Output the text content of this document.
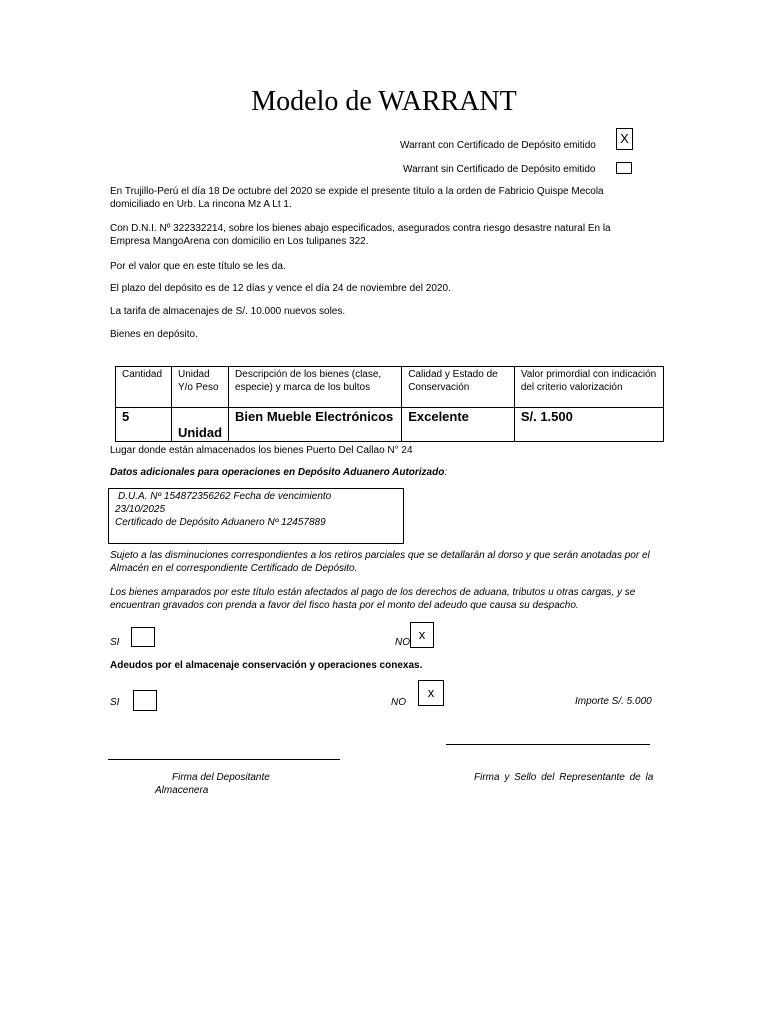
Modelo de WARRANT
Warrant con Certificado de Depósito emitido	X
Warrant sin Certificado de Depósito emitido
En Trujillo-Perú el día 18 De octubre del 2020 se expide el presente título a la orden de Fabricio Quispe Mecola domiciliado en Urb. La rincona Mz A Lt 1.
Con D.N.I. Nº 322332214, sobre los bienes abajo especificados, asegurados contra riesgo desastre natural En la Empresa MangoArena con domicilio en Los tulipanes 322.
Por el valor que en este título se les da.
El plazo del depósito es de 12 días y vence el día 24 de noviembre del 2020.
La tarifa de almacenajes de S/. 10.000 nuevos soles.
Bienes en depósito.
Cantidad	Unidad Y/o Peso	Descripción de los bienes (clase, especie) y marca de los bultos	Calidad y Estado de Conservación	Valor primordial con indicación del criterio valorización
5	Unidad	Bien Mueble Electrónicos	Excelente	S/. 1.500
Lugar donde están almacenados los bienes Puerto Del Callao N° 24
Datos adicionales para operaciones en Depósito Aduanero Autorizado:
D.U.A. Nº 154872356262 Fecha de vencimiento
23/10/2025
Certificado de Depósito Aduanero Nº 12457889
Sujeto a las disminuciones correspondientes a los retiros parciales que se detallarán al dorso y que serán anotadas por el Almacén en el correspondiente Certificado de Depósito.
Los bienes amparados por este título están afectados al pago de los derechos de aduana, tributos u otras cargas, y se encuentran gravados con prenda a favor del fisco hasta por el monto del adeudo que causa su despacho.
SI	NO
x
Adeudos por el almacenaje conservación y operaciones conexas.
SI	NO
x
Importe S/. 5.000
Firma del Depositante	Firma y Sello del Representante de la
Almacenera
